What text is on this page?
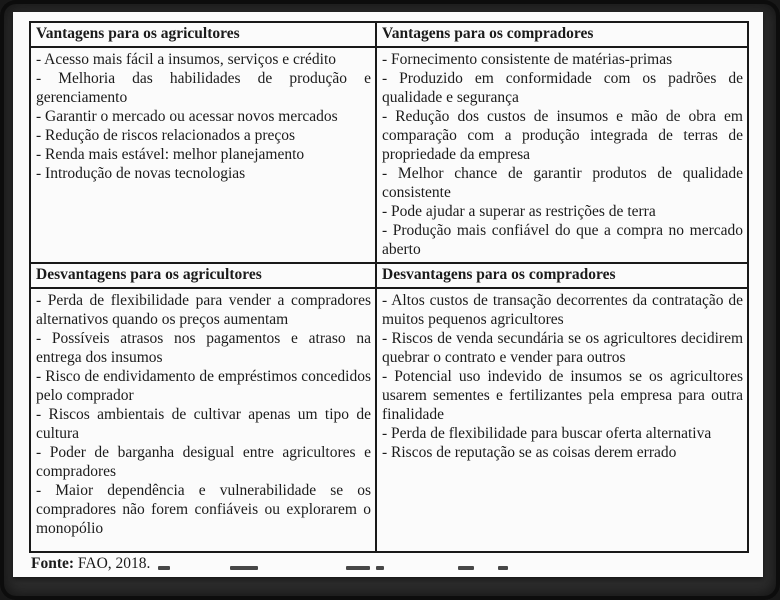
Vantagens para os agricultores	Vantagens para os compradores

- Acesso mais fácil a insumos, serviços e crédito

- Melhoria das habilidades de produção e gerenciamento

- Garantir o mercado ou acessar novos mercados

- Redução de riscos relacionados a preços

- Renda mais estável: melhor planejamento

- Introdução de novas tecnologias

- Fornecimento consistente de matérias-primas

- Produzido em conformidade com os padrões de qualidade e segurança

- Redução dos custos de insumos e mão de obra em comparação com a produção integrada de terras de propriedade da empresa

- Melhor chance de garantir produtos de qualidade consistente

- Pode ajudar a superar as restrições de terra

- Produção mais confiável do que a compra no mercado aberto

Desvantagens para os agricultores	Desvantagens para os compradores

- Perda de flexibilidade para vender a compradores alternativos quando os preços aumentam

- Possíveis atrasos nos pagamentos e atraso na entrega dos insumos

- Risco de endividamento de empréstimos concedidos pelo comprador

- Riscos ambientais de cultivar apenas um tipo de cultura

- Poder de barganha desigual entre agricultores e compradores

- Maior dependência e vulnerabilidade se os compradores não forem confiáveis ou explorarem o monopólio

- Altos custos de transação decorrentes da contratação de muitos pequenos agricultores

- Riscos de venda secundária se os agricultores decidirem quebrar o contrato e vender para outros

- Potencial uso indevido de insumos se os agricultores usarem sementes e fertilizantes pela empresa para outra finalidade

- Perda de flexibilidade para buscar oferta alternativa

- Riscos de reputação se as coisas derem errado

Fonte: FAO, 2018.
